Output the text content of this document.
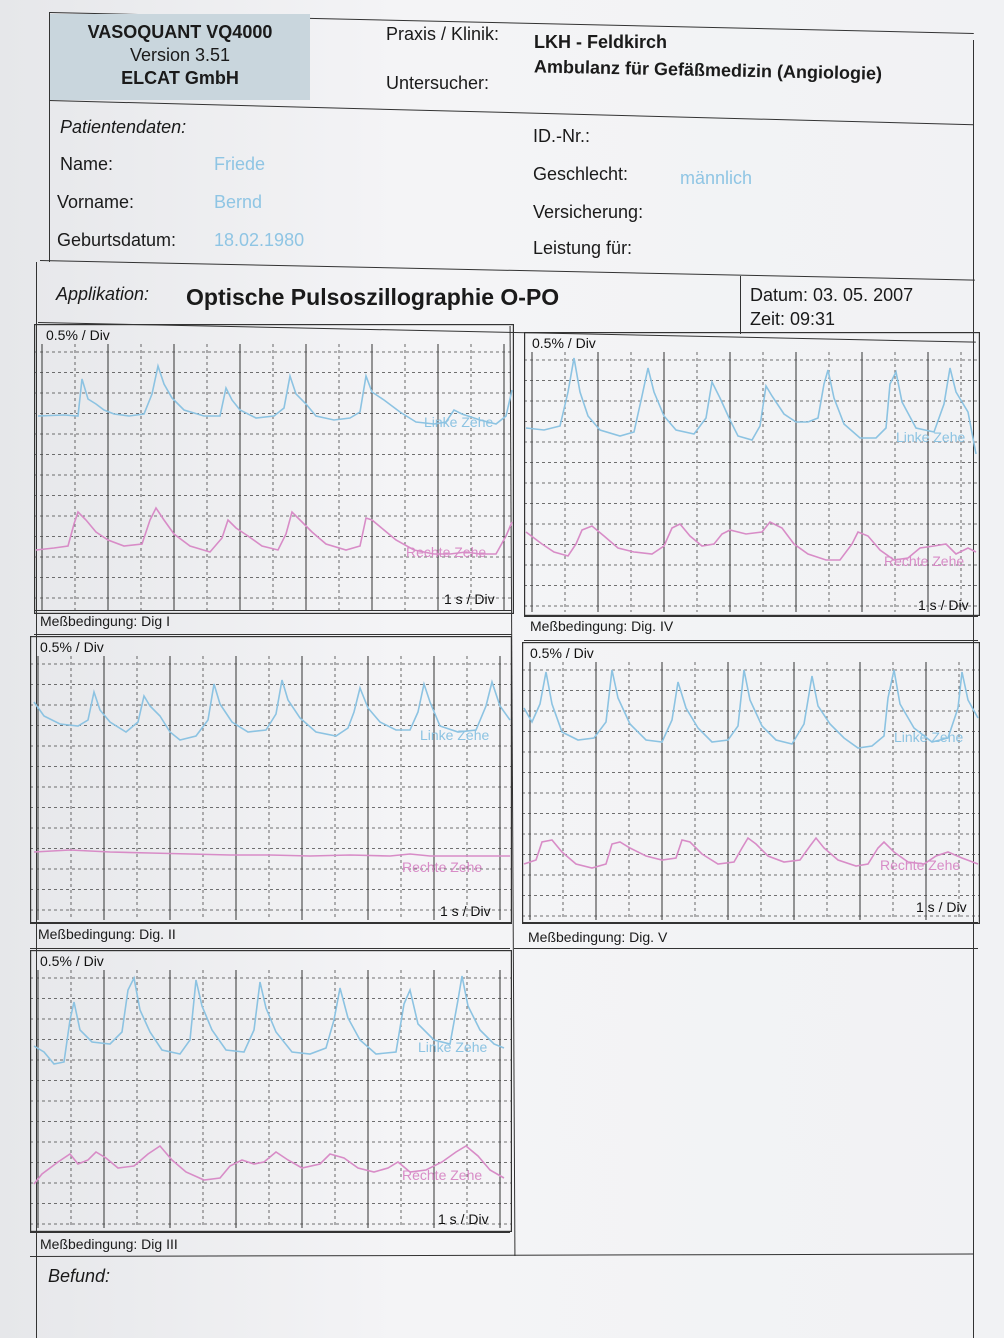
VASOQUANT VQ4000
Version 3.51
ELCAT GmbH
Praxis / Klinik: LKH - Feldkirch
Ambulanz für Gefäßmedizin (Angiologie)
Untersucher:
Patientendaten:
Name:	Friede
Vorname:	Bernd
Geburtsdatum: 18.02.1980
ID.-Nr.:
Geschlecht:	männlich
Versicherung:
Leistung für:
Applikation: Optische Pulsoszillographie O-PO	Datum: 03. 05. 2007
Zeit: 09:31
0.5% / Div
Linke Zehe
Rechte Zehe
1 s / Div
Meßbedingung: Dig I
0.5% / Div
Linke Zehe
Rechte Zehe
1 s / Div
Meßbedingung: Dig. IV
0.5% / Div
Linke Zehe
Rechte Zehe
1 s / Div
Meßbedingung: Dig. II
0.5% / Div
Linke Zehe
Rechte Zehe
1 s / Div
Meßbedingung: Dig. V
0.5% / Div
Linke Zehe
Rechte Zehe
1 s / Div
Meßbedingung: Dig III
Befund:
